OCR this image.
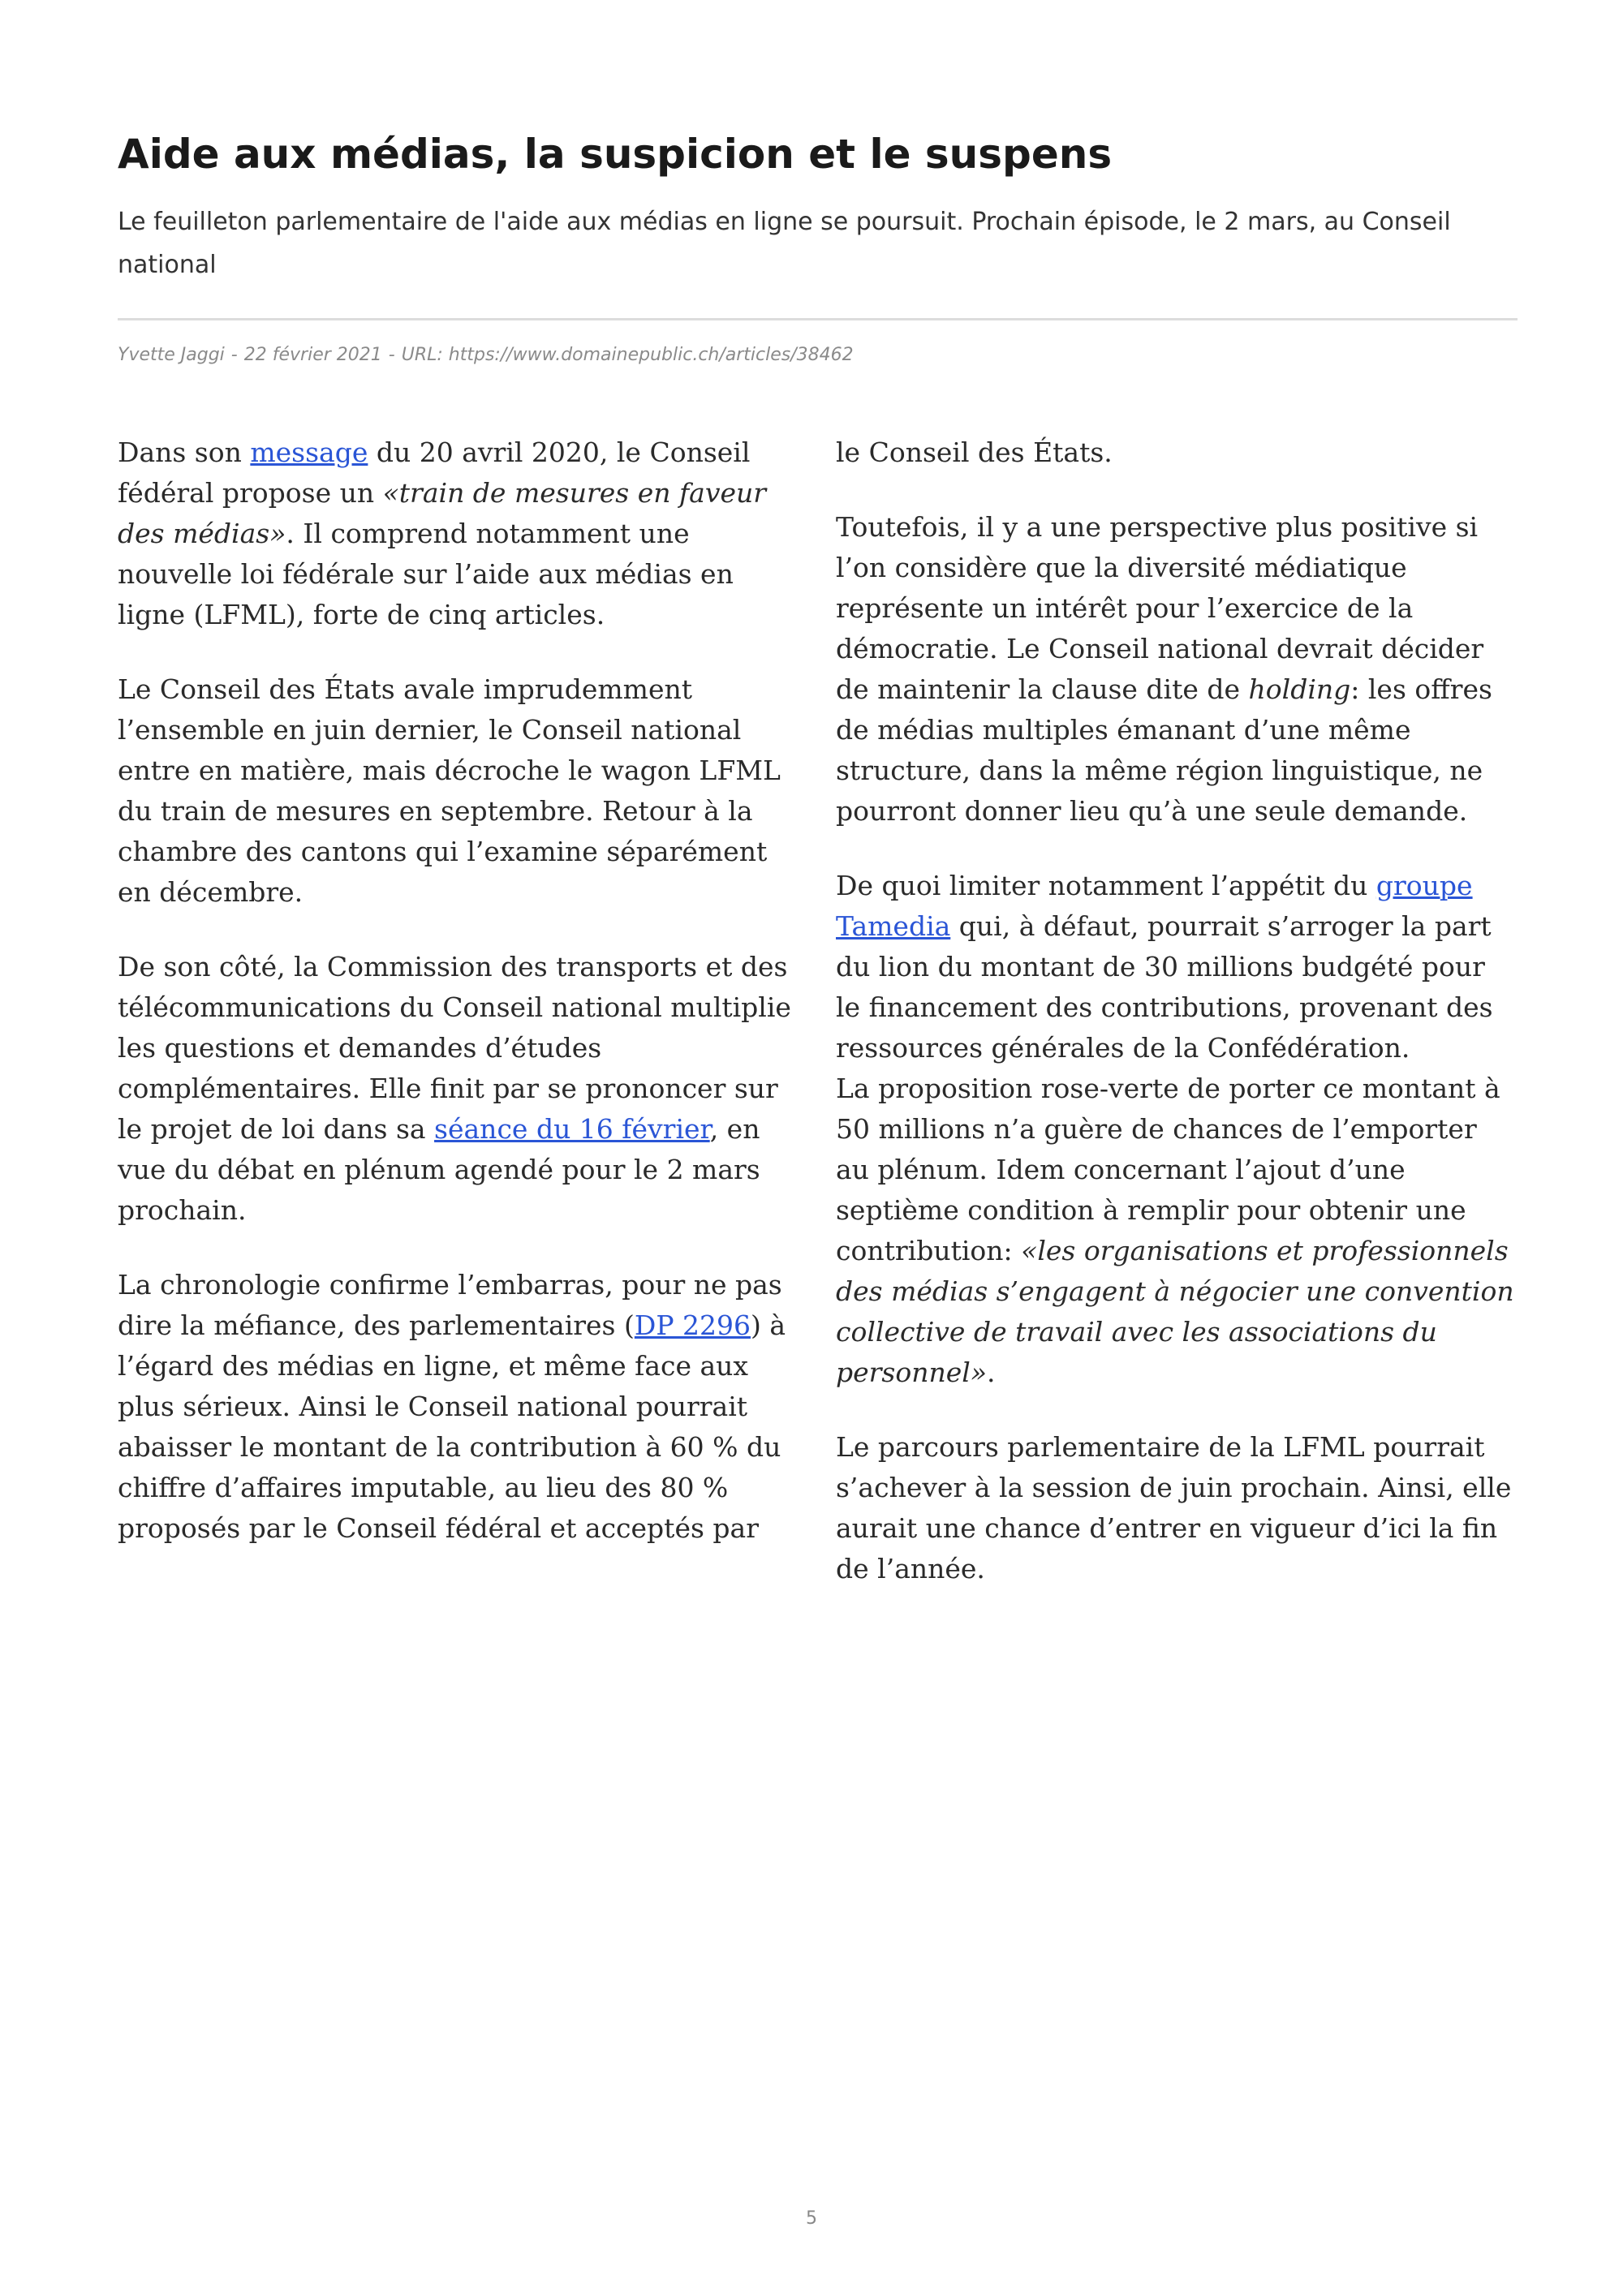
Aide aux médias, la suspicion et le suspens

Le feuilleton parlementaire de l'aide aux médias en ligne se poursuit. Prochain épisode, le 2 mars, au Conseil national

Yvette Jaggi - 22 février 2021 - URL: https://www.domainepublic.ch/articles/38462

Dans son message du 20 avril 2020, le Conseil fédéral propose un «train de mesures en faveur des médias». Il comprend notamment une nouvelle loi fédérale sur l’aide aux médias en ligne (LFML), forte de cinq articles.

Le Conseil des États avale imprudemment l’ensemble en juin dernier, le Conseil national entre en matière, mais décroche le wagon LFML du train de mesures en septembre. Retour à la chambre des cantons qui l’examine séparément en décembre.

De son côté, la Commission des transports et des télécommunications du Conseil national multiplie les questions et demandes d’études complémentaires. Elle finit par se prononcer sur le projet de loi dans sa séance du 16 février, en vue du débat en plénum agendé pour le 2 mars prochain.

La chronologie confirme l’embarras, pour ne pas dire la méfiance, des parlementaires (DP 2296) à l’égard des médias en ligne, et même face aux plus sérieux. Ainsi le Conseil national pourrait abaisser le montant de la contribution à 60 % du chiffre d’affaires imputable, au lieu des 80 % proposés par le Conseil fédéral et acceptés par

le Conseil des États.

Toutefois, il y a une perspective plus positive si l’on considère que la diversité médiatique représente un intérêt pour l’exercice de la démocratie. Le Conseil national devrait décider de maintenir la clause dite de holding: les offres de médias multiples émanant d’une même structure, dans la même région linguistique, ne pourront donner lieu qu’à une seule demande.

De quoi limiter notamment l’appétit du groupe Tamedia qui, à défaut, pourrait s’arroger la part du lion du montant de 30 millions budgété pour le financement des contributions, provenant des ressources générales de la Confédération.
La proposition rose-verte de porter ce montant à 50 millions n’a guère de chances de l’emporter au plénum. Idem concernant l’ajout d’une septième condition à remplir pour obtenir une contribution: «les organisations et professionnels des médias s’engagent à négocier une convention collective de travail avec les associations du personnel».

Le parcours parlementaire de la LFML pourrait s’achever à la session de juin prochain. Ainsi, elle aurait une chance d’entrer en vigueur d’ici la fin de l’année.

5
